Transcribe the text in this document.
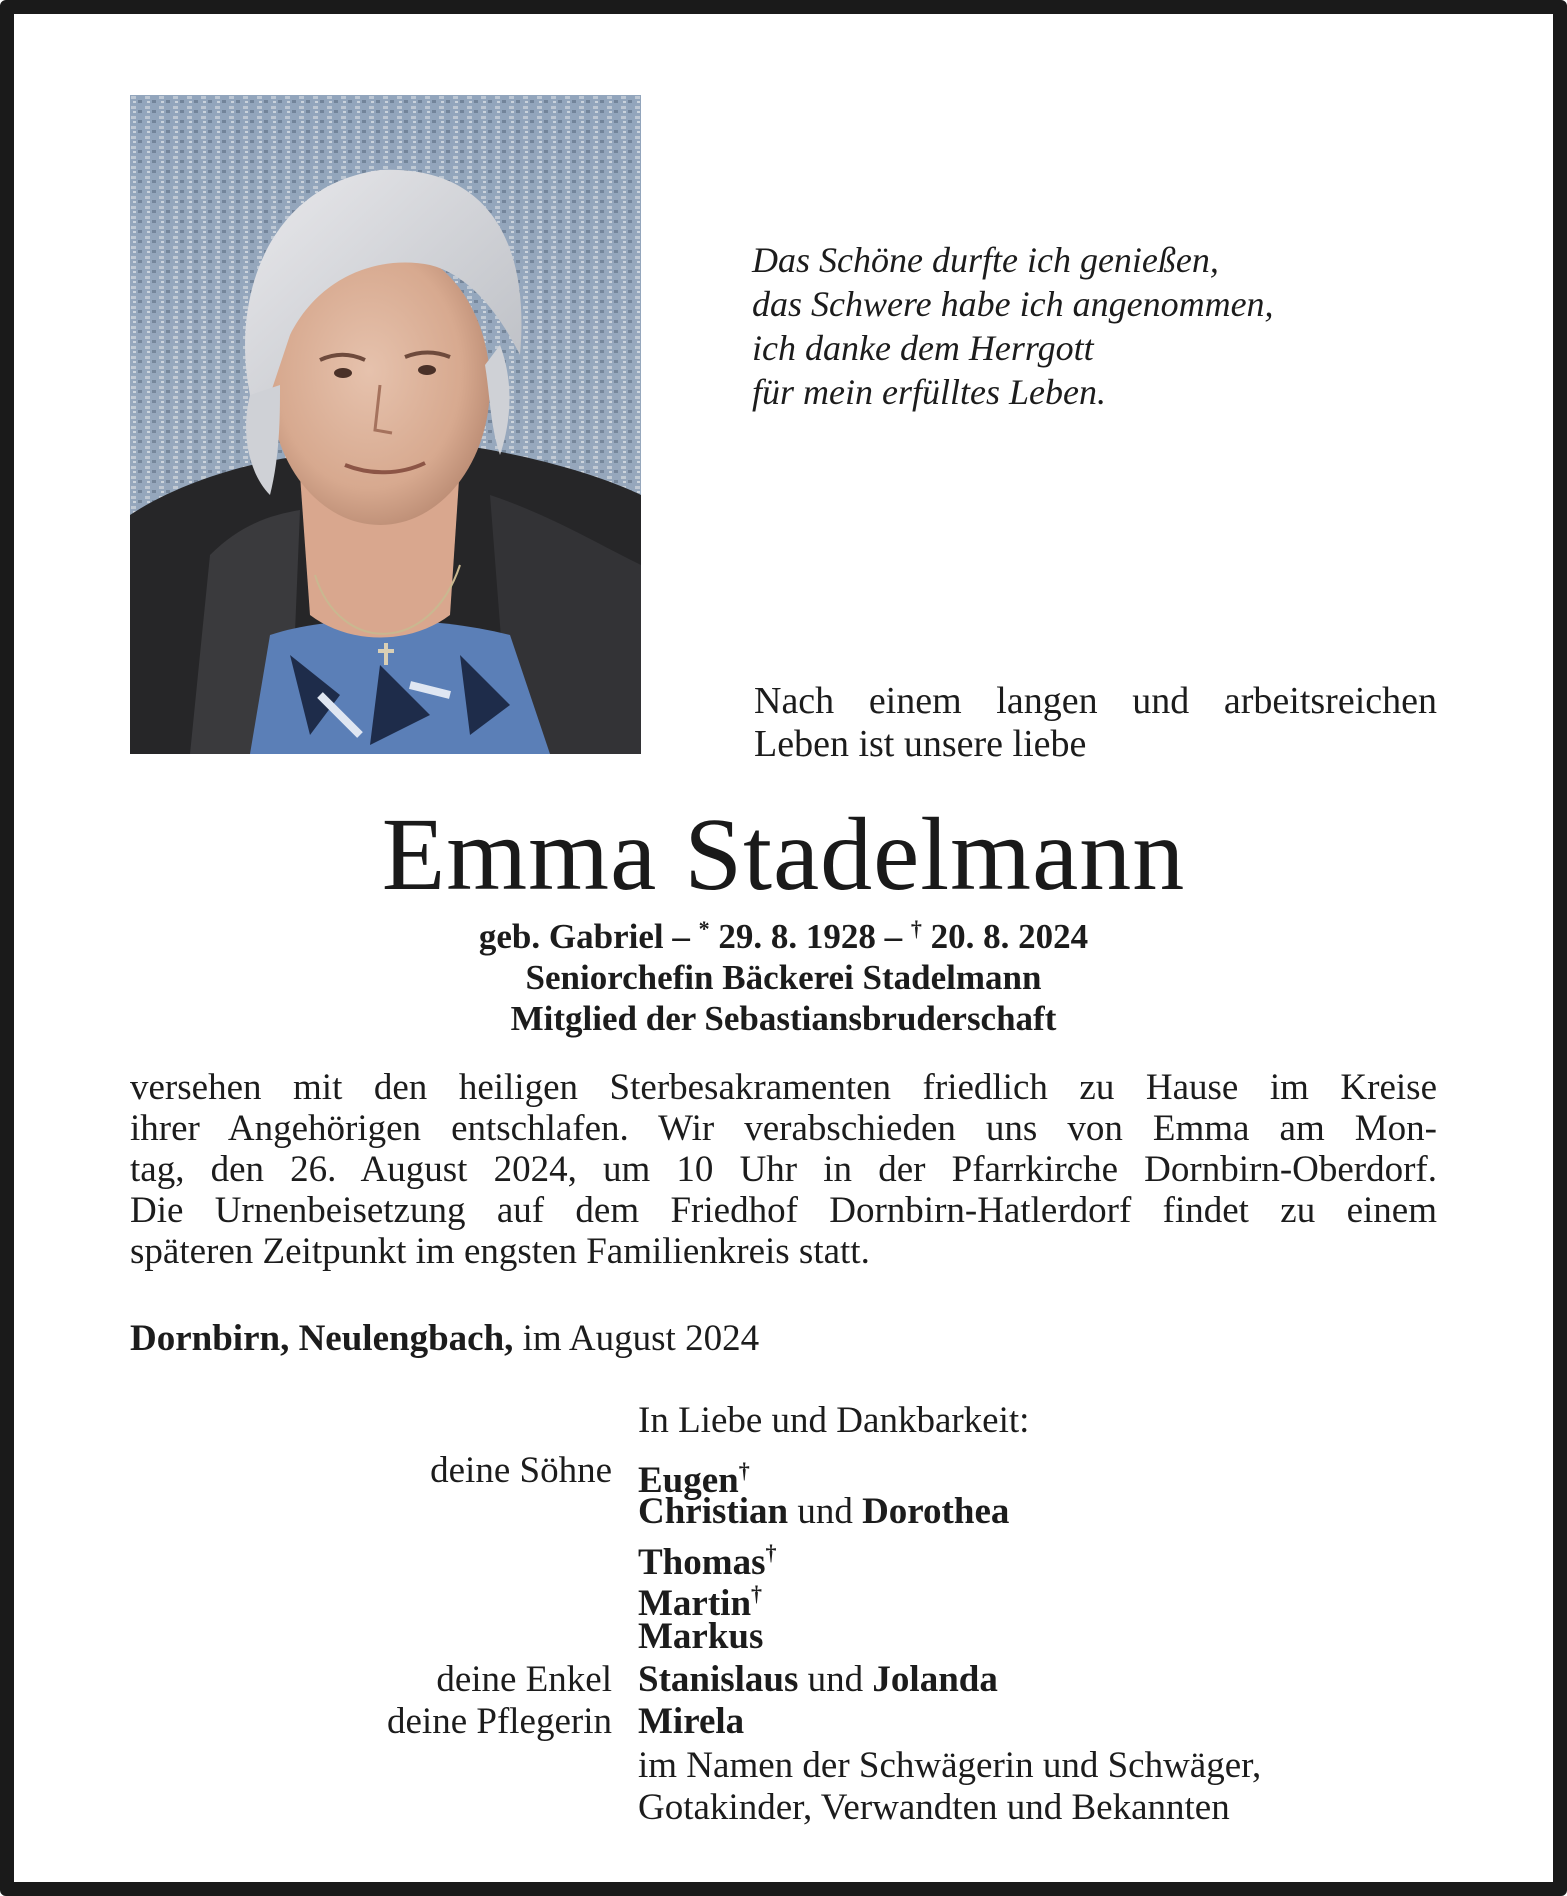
Das Schöne durfte ich genießen,
das Schwere habe ich angenommen,
ich danke dem Herrgott
für mein erfülltes Leben.
Nach einem langen und arbeitsreichen
Leben ist unsere liebe
Emma Stadelmann
geb. Gabriel – * 29. 8. 1928 – † 20. 8. 2024
Seniorchefin Bäckerei Stadelmann
Mitglied der Sebastiansbruderschaft
versehen mit den heiligen Sterbesakramenten friedlich zu Hause im Kreise
ihrer Angehörigen entschlafen. Wir verabschieden uns von Emma am Mon-
tag, den 26. August 2024, um 10 Uhr in der Pfarrkirche Dornbirn-Oberdorf.
Die Urnenbeisetzung auf dem Friedhof Dornbirn-Hatlerdorf findet zu einem
späteren Zeitpunkt im engsten Familienkreis statt.
Dornbirn, Neulengbach, im August 2024
In Liebe und Dankbarkeit:
deine Söhne
deine Enkel
deine Pflegerin
Eugen†
Christian und Dorothea
Thomas†
Martin†
Markus
Stanislaus und Jolanda
Mirela
im Namen der Schwägerin und Schwäger,
Gotakinder, Verwandten und Bekannten
